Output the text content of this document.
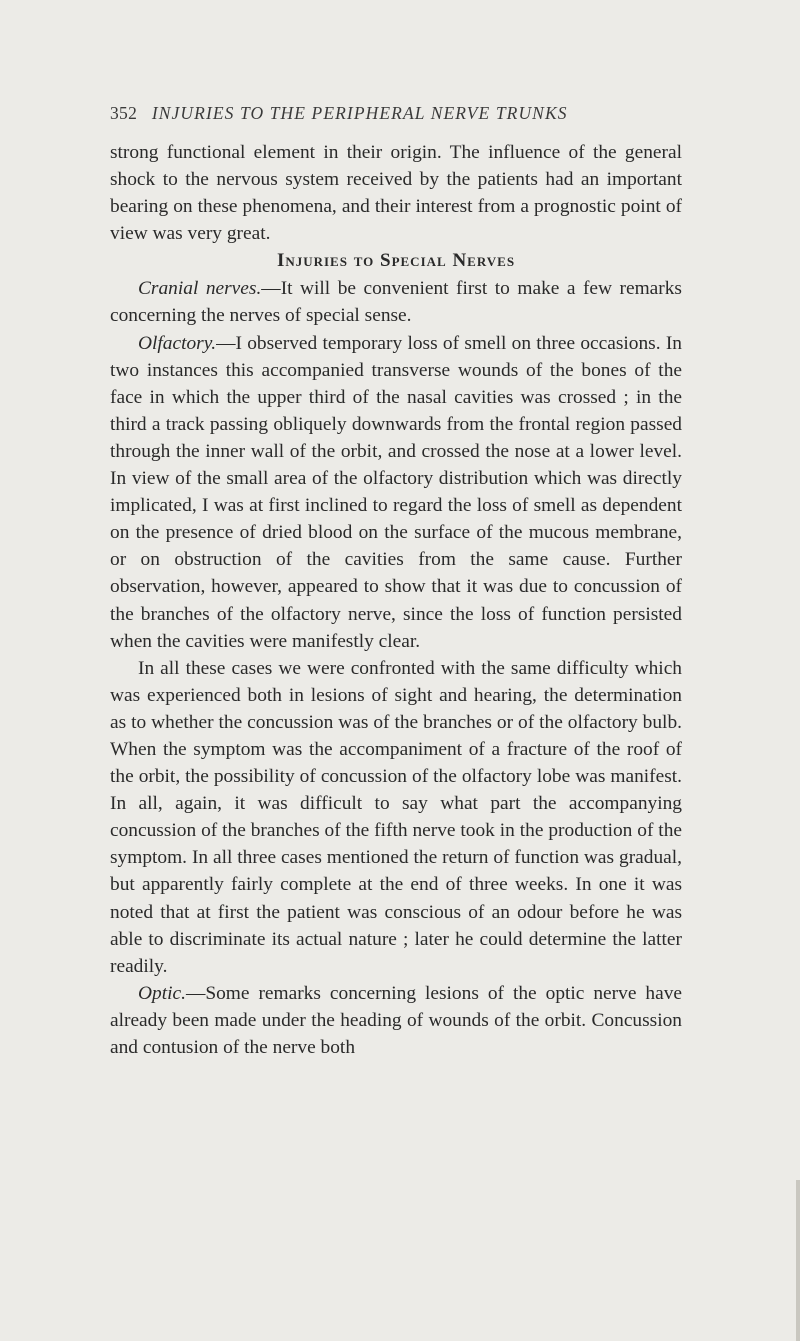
352 INJURIES TO THE PERIPHERAL NERVE TRUNKS

strong functional element in their origin. The influence of the general shock to the nervous system received by the patients had an important bearing on these phenomena, and their interest from a prognostic point of view was very great.

Injuries to Special Nerves

Cranial nerves.—It will be convenient first to make a few remarks concerning the nerves of special sense.

Olfactory.—I observed temporary loss of smell on three occasions. In two instances this accompanied transverse wounds of the bones of the face in which the upper third of the nasal cavities was crossed ; in the third a track passing obliquely downwards from the frontal region passed through the inner wall of the orbit, and crossed the nose at a lower level. In view of the small area of the olfactory distribution which was directly implicated, I was at first inclined to regard the loss of smell as dependent on the presence of dried blood on the surface of the mucous membrane, or on obstruction of the cavities from the same cause. Further observation, however, appeared to show that it was due to concussion of the branches of the olfactory nerve, since the loss of function persisted when the cavities were manifestly clear.

In all these cases we were confronted with the same difficulty which was experienced both in lesions of sight and hearing, the determination as to whether the concussion was of the branches or of the olfactory bulb. When the symptom was the accompaniment of a fracture of the roof of the orbit, the possibility of concussion of the olfactory lobe was manifest. In all, again, it was difficult to say what part the accompanying concussion of the branches of the fifth nerve took in the production of the symptom. In all three cases mentioned the return of function was gradual, but apparently fairly complete at the end of three weeks. In one it was noted that at first the patient was conscious of an odour before he was able to discriminate its actual nature ; later he could determine the latter readily.

Optic.—Some remarks concerning lesions of the optic nerve have already been made under the heading of wounds of the orbit. Concussion and contusion of the nerve both
